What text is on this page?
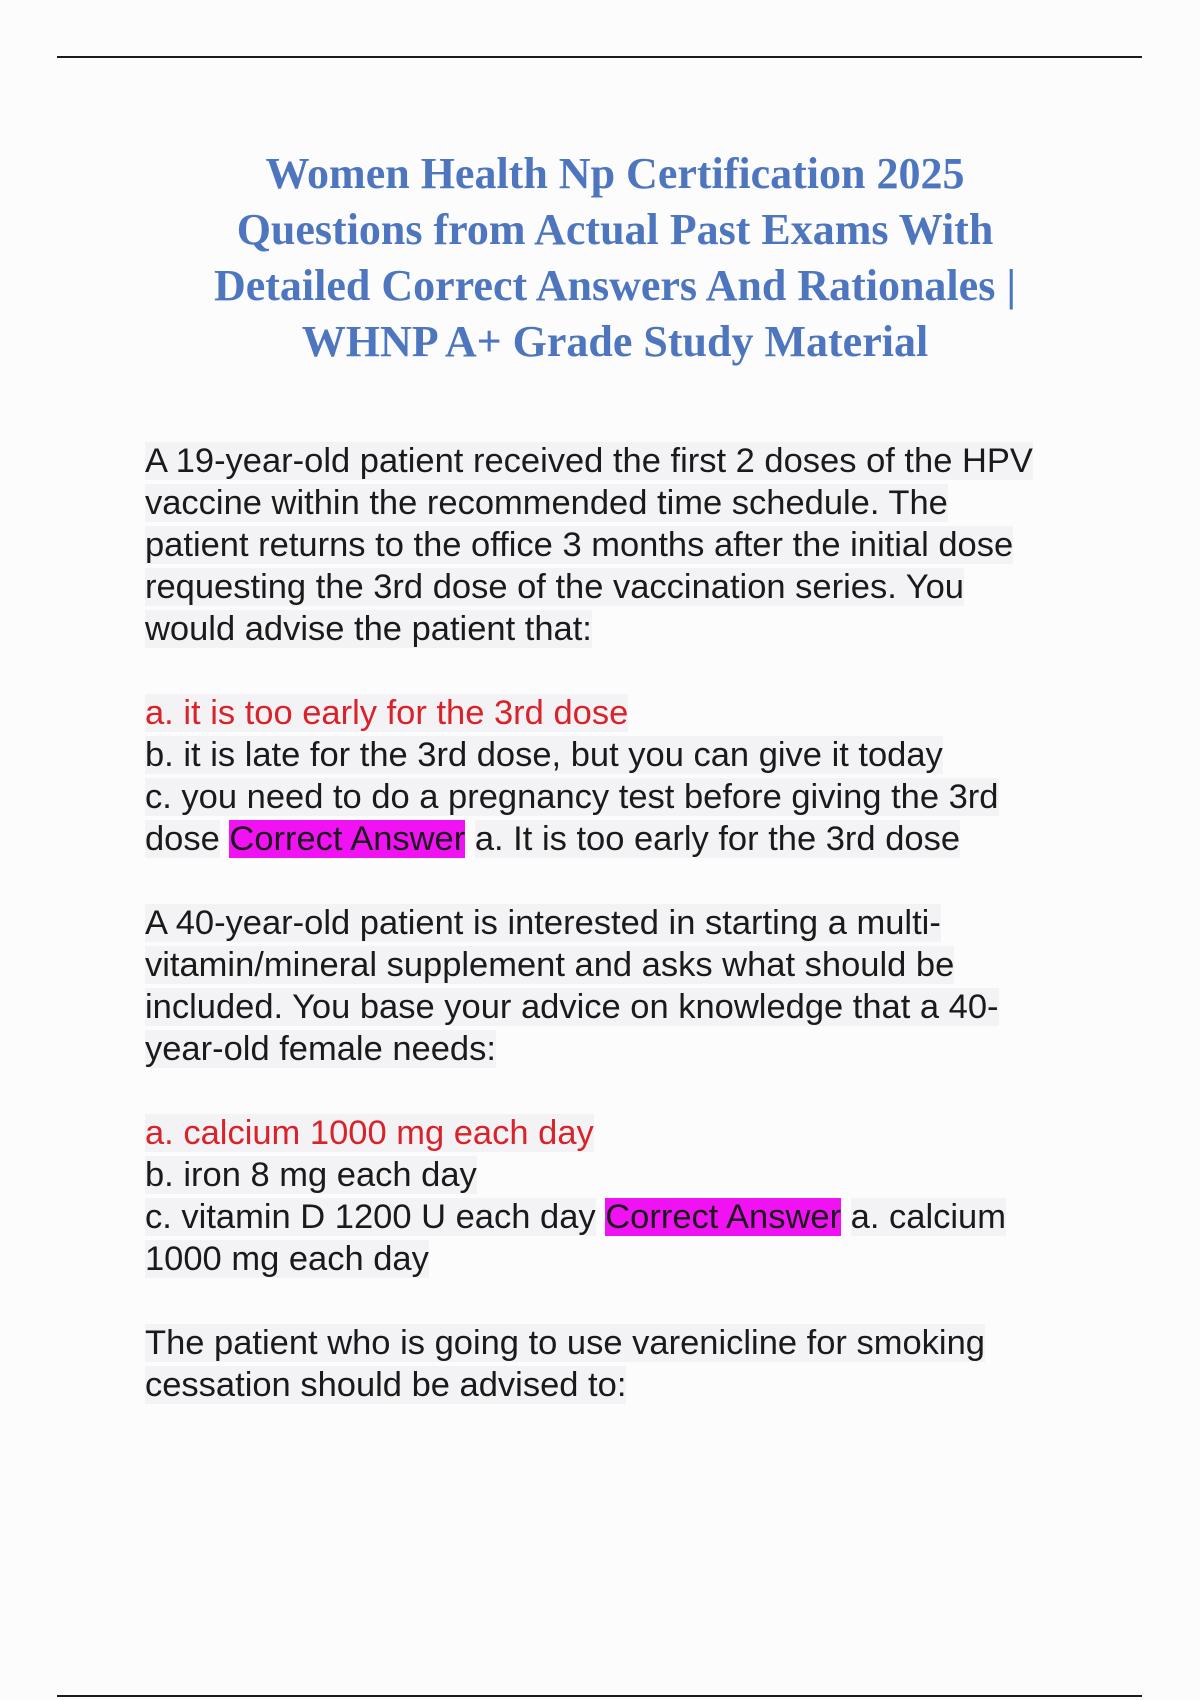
Women Health Np Certification 2025
Questions from Actual Past Exams With
Detailed Correct Answers And Rationales |
WHNP A+ Grade Study Material
A 19-year-old patient received the first 2 doses of the HPV
vaccine within the recommended time schedule. The
patient returns to the office 3 months after the initial dose
requesting the 3rd dose of the vaccination series. You
would advise the patient that:
a. it is too early for the 3rd dose
b. it is late for the 3rd dose, but you can give it today
c. you need to do a pregnancy test before giving the 3rd
dose Correct Answer a. It is too early for the 3rd dose
A 40-year-old patient is interested in starting a multi-
vitamin/mineral supplement and asks what should be
included. You base your advice on knowledge that a 40-
year-old female needs:
a. calcium 1000 mg each day
b. iron 8 mg each day
c. vitamin D 1200 U each day Correct Answer a. calcium
1000 mg each day
The patient who is going to use varenicline for smoking
cessation should be advised to:
